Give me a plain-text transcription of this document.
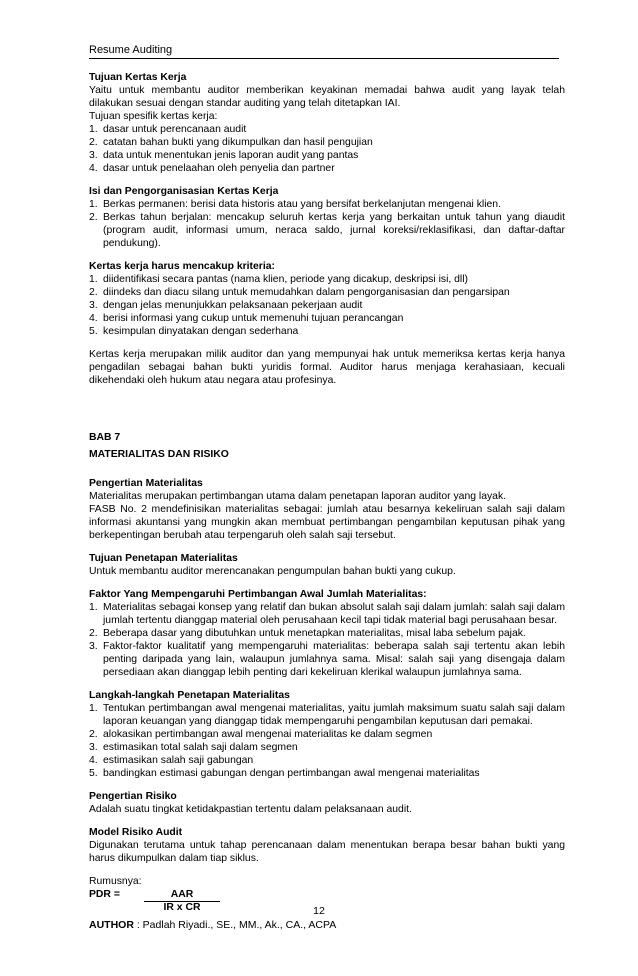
Resume Auditing

Tujuan Kertas Kerja

Yaitu untuk membantu auditor memberikan keyakinan memadai bahwa audit yang layak telah dilakukan sesuai dengan standar auditing yang telah ditetapkan IAI.

Tujuan spesifik kertas kerja:

1. dasar untuk perencanaan audit
2. catatan bahan bukti yang dikumpulkan dan hasil pengujian
3. data untuk menentukan jenis laporan audit yang pantas
4. dasar untuk penelaahan oleh penyelia dan partner

Isi dan Pengorganisasian Kertas Kerja

1. Berkas permanen: berisi data historis atau yang bersifat berkelanjutan mengenai klien.
2. Berkas tahun berjalan: mencakup seluruh kertas kerja yang berkaitan untuk tahun yang diaudit (program audit, informasi umum, neraca saldo, jurnal koreksi/reklasifikasi, dan daftar-daftar pendukung).

Kertas kerja harus mencakup kriteria:

1. diidentifikasi secara pantas (nama klien, periode yang dicakup, deskripsi isi, dll)
2. diindeks dan diacu silang untuk memudahkan dalam pengorganisasian dan pengarsipan
3. dengan jelas menunjukkan pelaksanaan pekerjaan audit
4. berisi informasi yang cukup untuk memenuhi tujuan perancangan
5. kesimpulan dinyatakan dengan sederhana

Kertas kerja merupakan milik auditor dan yang mempunyai hak untuk memeriksa kertas kerja hanya pengadilan sebagai bahan bukti yuridis formal. Auditor harus menjaga kerahasiaan, kecuali dikehendaki oleh hukum atau negara atau profesinya.

BAB 7

MATERIALITAS DAN RISIKO

Pengertian Materialitas

Materialitas merupakan pertimbangan utama dalam penetapan laporan auditor yang layak.

FASB No. 2 mendefinisikan materialitas sebagai: jumlah atau besarnya kekeliruan salah saji dalam informasi akuntansi yang mungkin akan membuat pertimbangan pengambilan keputusan pihak yang berkepentingan berubah atau terpengaruh oleh salah saji tersebut.

Tujuan Penetapan Materialitas

Untuk membantu auditor merencanakan pengumpulan bahan bukti yang cukup.

Faktor Yang Mempengaruhi Pertimbangan Awal Jumlah Materialitas:

1. Materialitas sebagai konsep yang relatif dan bukan absolut salah saji dalam jumlah: salah saji dalam jumlah tertentu dianggap material oleh perusahaan kecil tapi tidak material bagi perusahaan besar.
2. Beberapa dasar yang dibutuhkan untuk menetapkan materialitas, misal laba sebelum pajak.
3. Faktor-faktor kualitatif yang mempengaruhi materialitas: beberapa salah saji tertentu akan lebih penting daripada yang lain, walaupun jumlahnya sama. Misal: salah saji yang disengaja dalam persediaan akan dianggap lebih penting dari kekeliruan klerikal walaupun jumlahnya sama.

Langkah-langkah Penetapan Materialitas

1. Tentukan pertimbangan awal mengenai materialitas, yaitu jumlah maksimum suatu salah saji dalam laporan keuangan yang dianggap tidak mempengaruhi pengambilan keputusan dari pemakai.
2. alokasikan pertimbangan awal mengenai materialitas ke dalam segmen
3. estimasikan total salah saji dalam segmen
4. estimasikan salah saji gabungan
5. bandingkan estimasi gabungan dengan pertimbangan awal mengenai materialitas

Pengertian Risiko

Adalah suatu tingkat ketidakpastian tertentu dalam pelaksanaan audit.

Model Risiko Audit

Digunakan terutama untuk tahap perencanaan dalam menentukan berapa besar bahan bukti yang harus dikumpulkan dalam tiap siklus.

Rumusnya:

PDR =	AAR
IR x CR	12
AUTHOR : Padlah Riyadi., SE., MM., Ak., CA., ACPA
